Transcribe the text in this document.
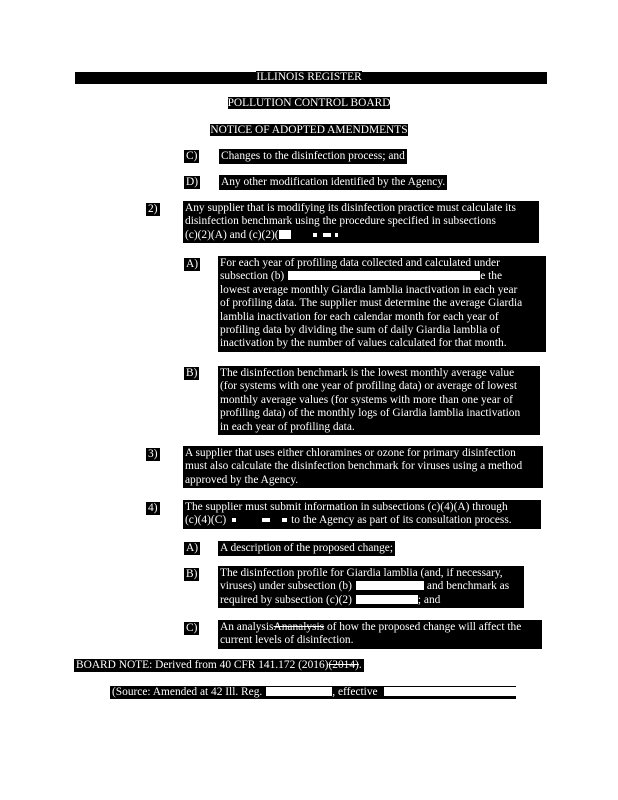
ILLINOIS REGISTER
POLLUTION CONTROL BOARD
NOTICE OF ADOPTED AMENDMENTS
C) Changes to the disinfection process; and
D) Any other modification identified by the Agency.
2) Any supplier that is modifying its disinfection practice must calculate its
disinfection benchmark using the procedure specified in subsections
(c)(2)(A) and (c)(2)(
A) For each year of profiling data collected and calculated under
subsection (b)	e the
lowest average monthly Giardia lamblia inactivation in each year
of profiling data. The supplier must determine the average Giardia
lamblia inactivation for each calendar month for each year of
profiling data by dividing the sum of daily Giardia lamblia of
inactivation by the number of values calculated for that month.
B) The disinfection benchmark is the lowest monthly average value
(for systems with one year of profiling data) or average of lowest
monthly average values (for systems with more than one year of
profiling data) of the monthly logs of Giardia lamblia inactivation
in each year of profiling data.
3) A supplier that uses either chloramines or ozone for primary disinfection
must also calculate the disinfection benchmark for viruses using a method
approved by the Agency.
4) The supplier must submit information in subsections (c)(4)(A) through
(c)(4)(C)	to the Agency as part of its consultation process.
A) A description of the proposed change;
B) The disinfection profile for Giardia lamblia (and, if necessary,
viruses) under subsection (b)	and benchmark as
required by subsection (c)(2)	; and
C) An analysisAnanalysis of how the proposed change will affect the
current levels of disinfection.
BOARD NOTE: Derived from 40 CFR 141.172 (2016)(2014).
(Source: Amended at 42 Ill. Reg.	, effective	)
